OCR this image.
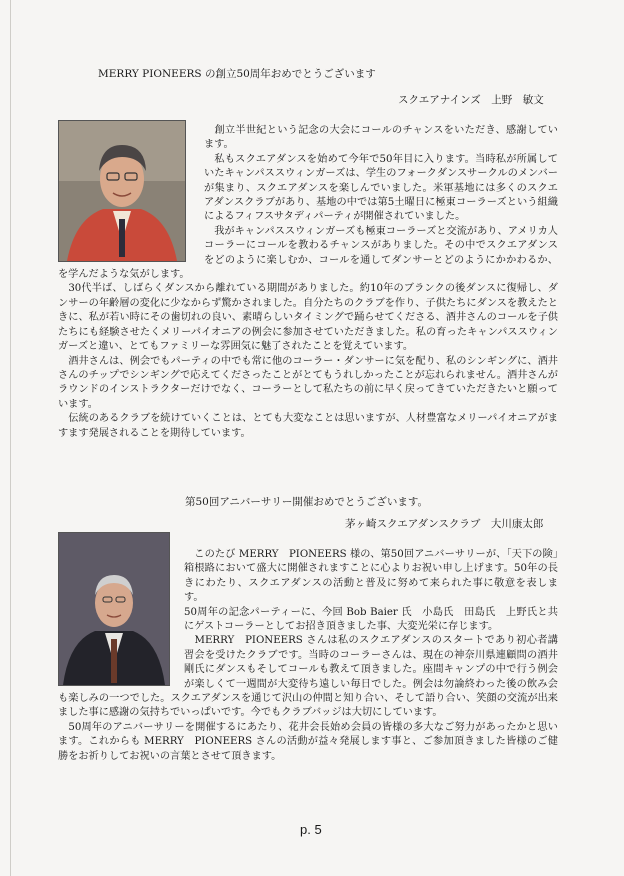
MERRY PIONEERS の創立50周年おめでとうございます
スクエアナインズ　上野　敏文

　創立半世紀という記念の大会にコールのチャンスをいただき、感謝しています。

　私もスクエアダンスを始めて今年で50年目に入ります。当時私が所属していたキャンパススウィンガーズは、学生のフォークダンスサークルのメンバーが集まり、スクエアダンスを楽しんでいました。米軍基地には多くのスクエアダンスクラブがあり、基地の中では第5土曜日に極東コーラーズという組織によるフィフスサタディパーティが開催されていました。

　我がキャンパススウィンガーズも極東コーラーズと交流があり、アメリカ人コーラーにコールを教わるチャンスがありました。その中でスクエアダンスをどのように楽しむか、コールを通してダンサーとどのようにかかわるか、を学んだような気がします。

　30代半ば、しばらくダンスから離れている期間がありました。約10年のブランクの後ダンスに復帰し、ダンサーの年齢層の変化に少なからず驚かされました。自分たちのクラブを作り、子供たちにダンスを教えたときに、私が若い時にその歯切れの良い、素晴らしいタイミングで踊らせてくださる、酒井さんのコールを子供たちにも経験させたくメリーパイオニアの例会に参加させていただきました。私の育ったキャンパススウィンガーズと違い、とてもファミリーな雰囲気に魅了されたことを覚えています。

　酒井さんは、例会でもパーティの中でも常に他のコーラー・ダンサーに気を配り、私のシンギングに、酒井さんのチップでシンギングで応えてくださったことがとてもうれしかったことが忘れられません。酒井さんがラウンドのインストラクターだけでなく、コーラーとして私たちの前に早く戻ってきていただきたいと願っています。

　伝統のあるクラブを続けていくことは、とても大変なことは思いますが、人材豊富なメリーパイオニアがますます発展されることを期待しています。

第50回アニバーサリー開催おめでとうございます。
茅ヶ崎スクエアダンスクラブ　大川康太郎

　このたび MERRY　PIONEERS 様の、第50回アニバーサリーが、「天下の険」箱根路において盛大に開催されますことに心よりお祝い申し上げます。50年の長きにわたり、スクエアダンスの活動と普及に努めて来られた事に敬意を表します。

50周年の記念パーティーに、今回 Bob Baier 氏　小島氏　田島氏　上野氏と共にゲストコーラーとしてお招き頂きました事、大変光栄に存じます。

　MERRY　PIONEERS さんは私のスクエアダンスのスタートであり初心者講習会を受けたクラブです。当時のコーラーさんは、現在の神奈川県連顧問の酒井　剛氏にダンスもそしてコールも教えて頂きました。座間キャンプの中で行う例会が楽しくて一週間が大変待ち遠しい毎日でした。例会は勿論終わった後の飲み会も楽しみの一つでした。スクエアダンスを通じて沢山の仲間と知り合い、そして語り合い、笑顔の交流が出来ました事に感謝の気持ちでいっぱいです。今でもクラブバッジは大切にしています。

　50周年のアニバーサリーを開催するにあたり、花井会長始め会員の皆様の多大なご努力があったかと思います。これからも MERRY　PIONEERS さんの活動が益々発展します事と、ご参加頂きました皆様のご健勝をお祈りしてお祝いの言葉とさせて頂きます。

p. 5
